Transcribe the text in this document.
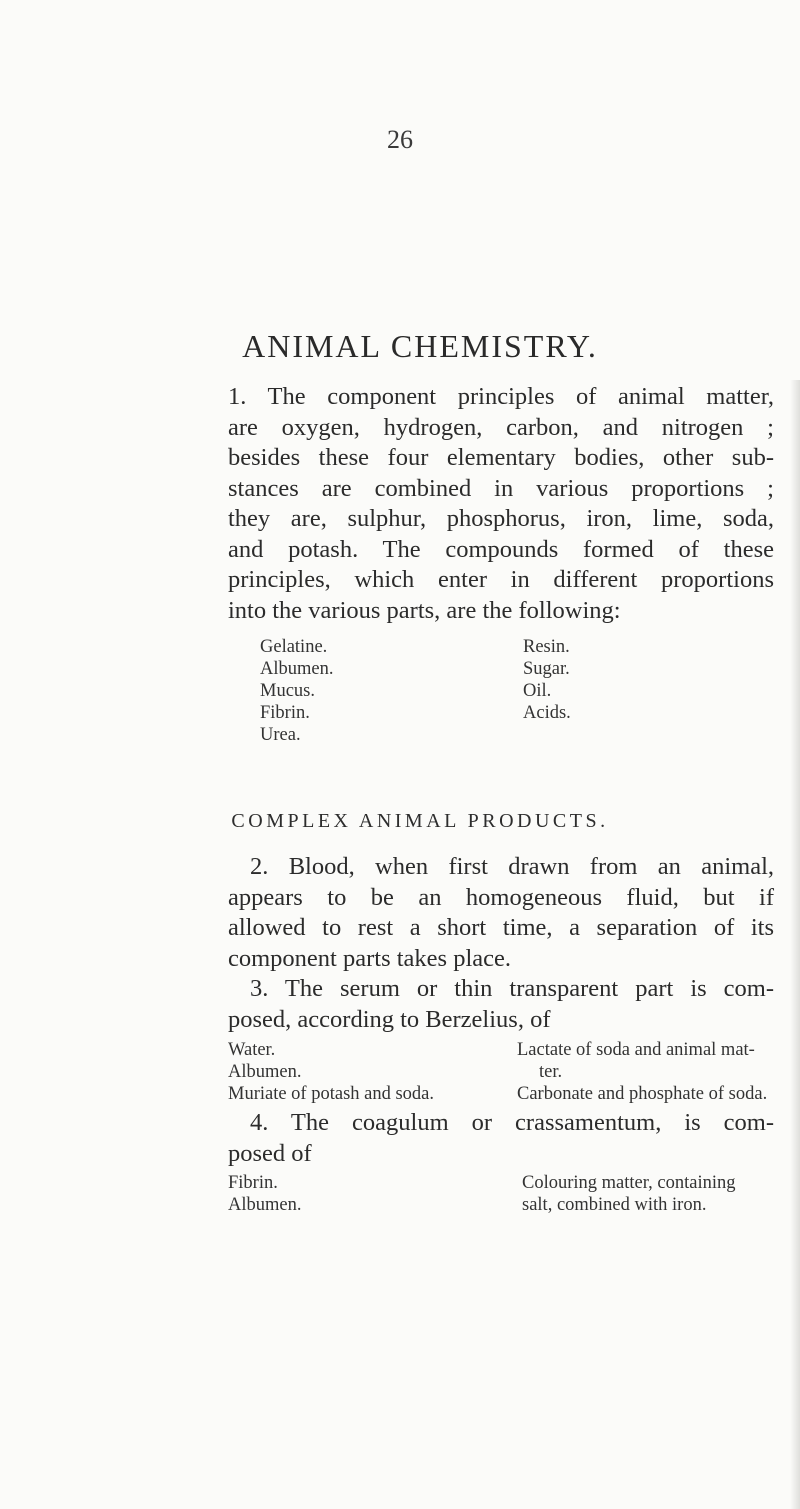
26
ANIMAL CHEMISTRY.
1. The component principles of animal matter,
are oxygen, hydrogen, carbon, and nitrogen ;
besides these four elementary bodies, other sub-
stances are combined in various proportions ;
they are, sulphur, phosphorus, iron, lime, soda,
and potash. The compounds formed of these
principles, which enter in different proportions
into the various parts, are the following:
Gelatine.
Albumen.
Mucus.
Fibrin.
Urea.
Resin.
Sugar.
Oil.
Acids.
COMPLEX ANIMAL PRODUCTS.
2. Blood, when first drawn from an animal,
appears to be an homogeneous fluid, but if
allowed to rest a short time, a separation of its
component parts takes place.
3. The serum or thin transparent part is com-
posed, according to Berzelius, of
Water.
Albumen.
Muriate of potash and soda.
Lactate of soda and animal mat-
ter.
Carbonate and phosphate of soda.
4. The coagulum or crassamentum, is com-
posed of
Fibrin.
Albumen.
Colouring matter, containing
salt, combined with iron.
